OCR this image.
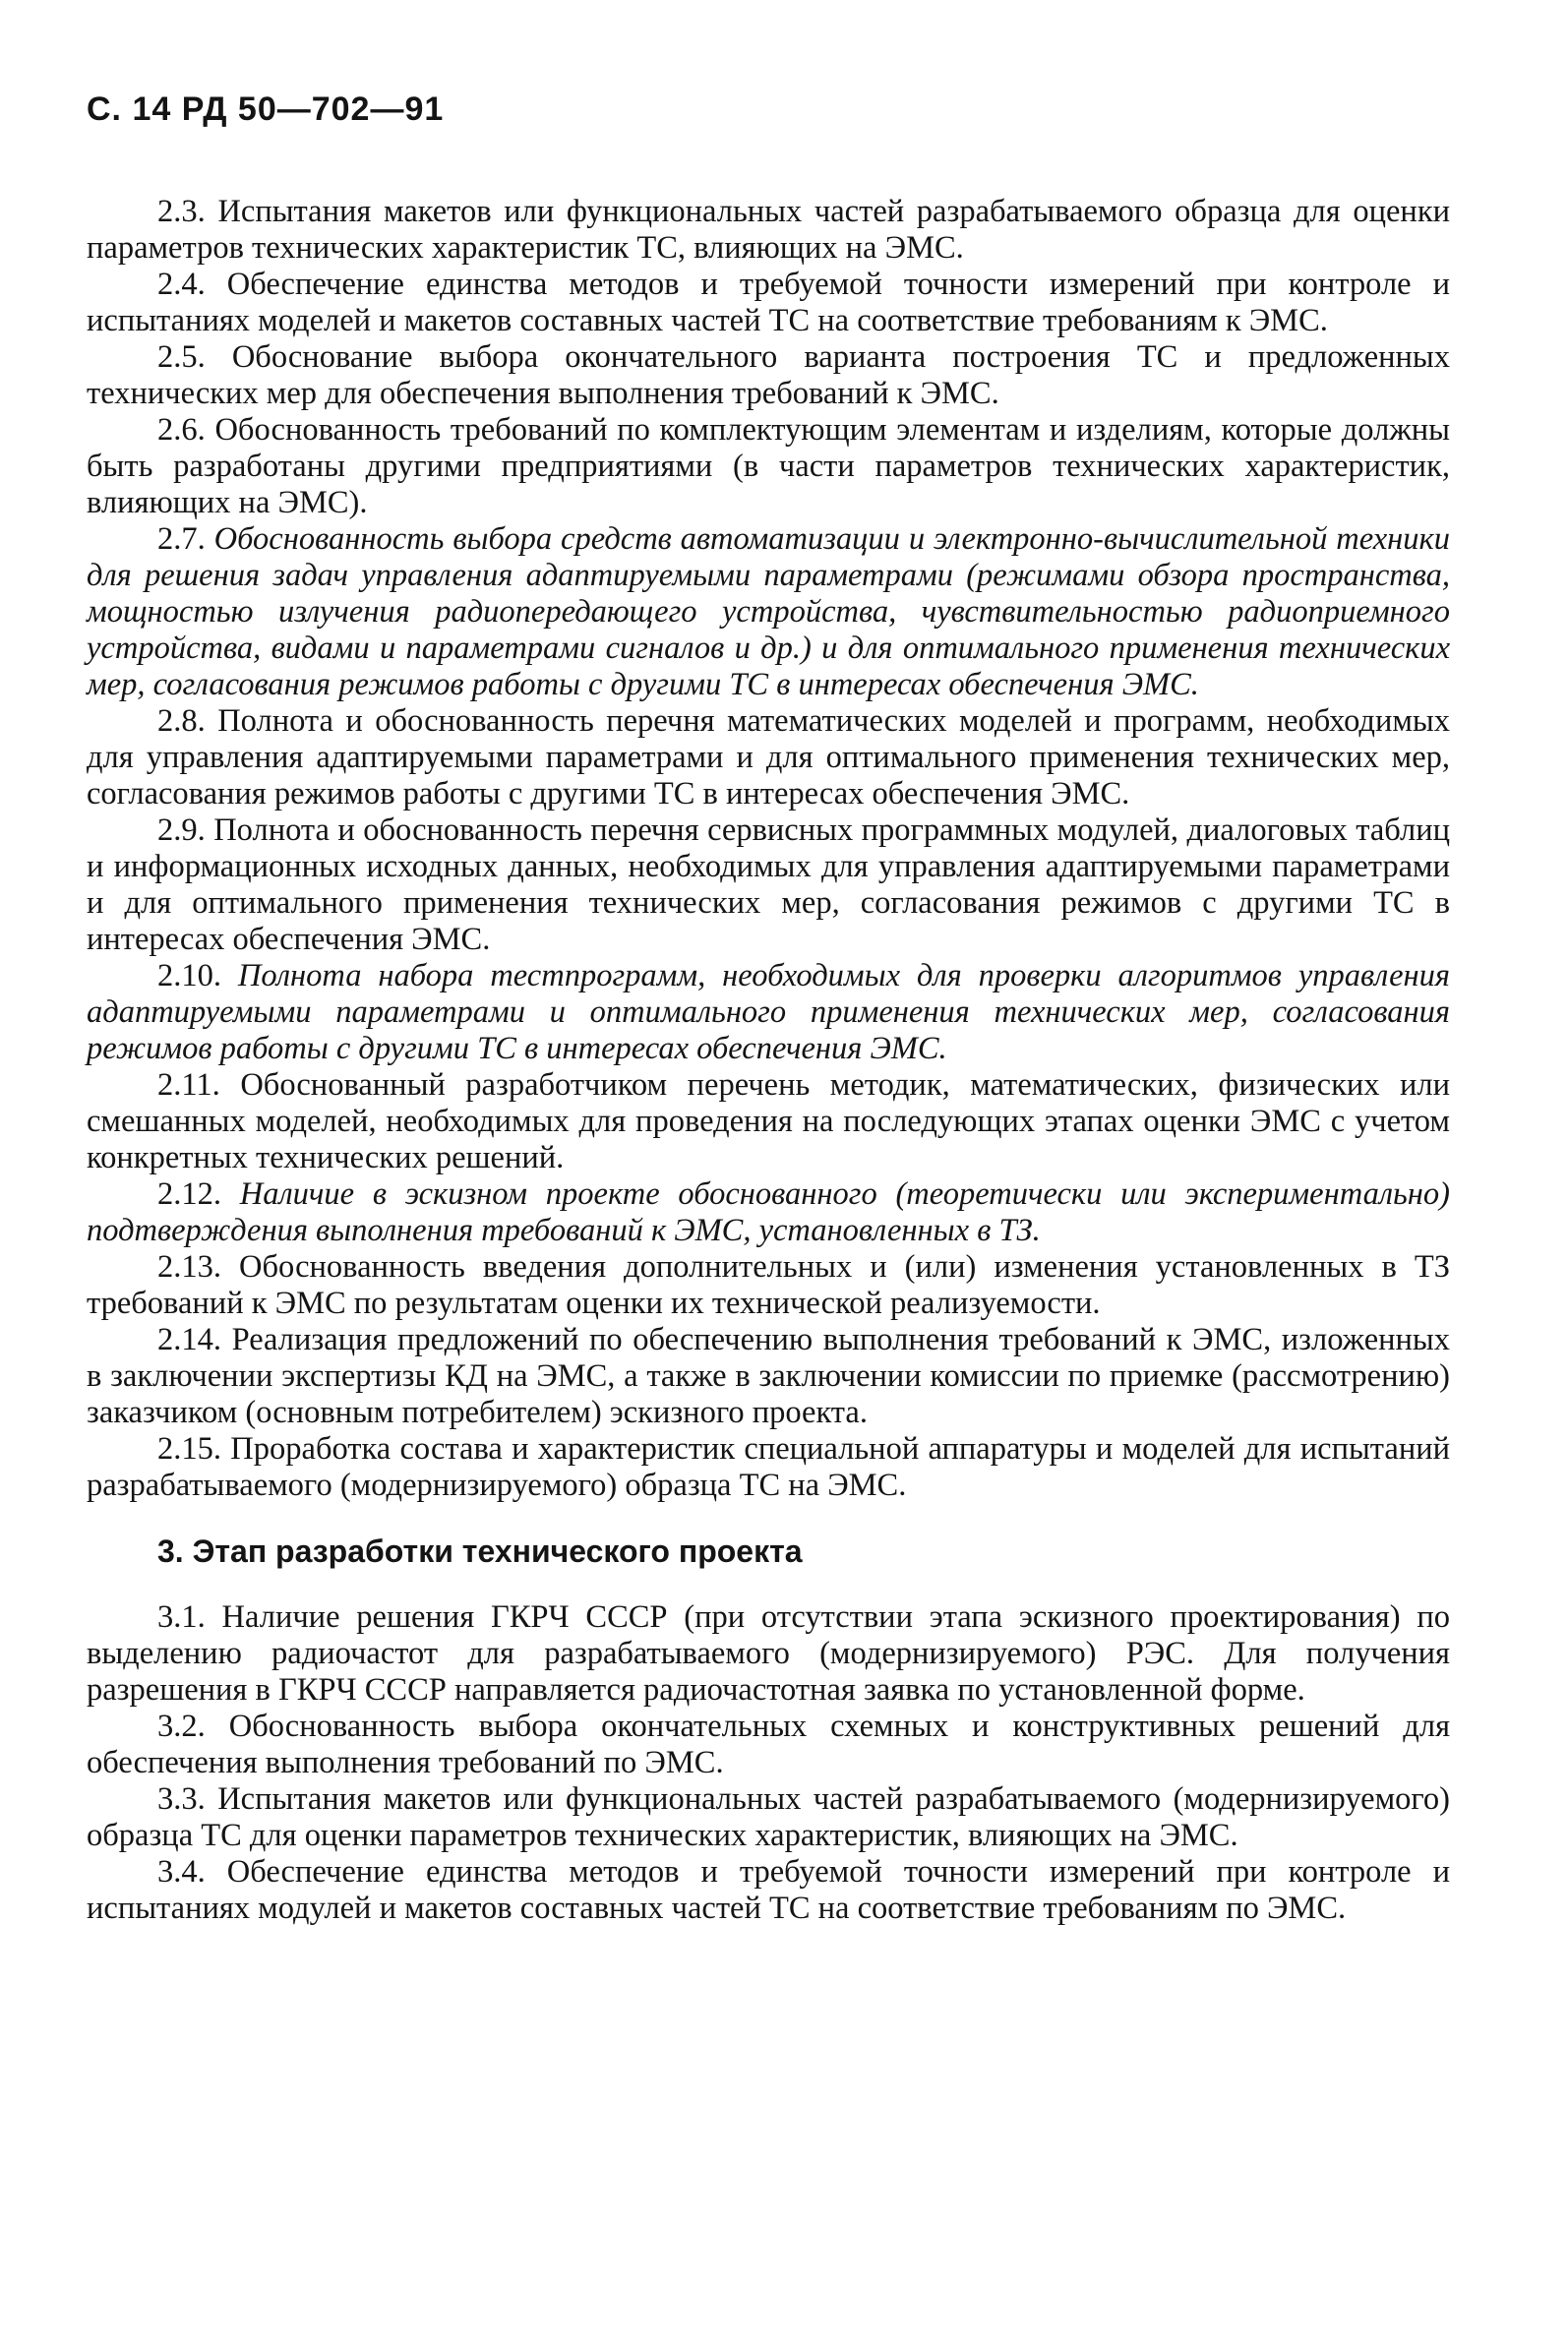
С. 14 РД 50—702—91

2.3. Испытания макетов или функциональных частей разрабатываемого образца для оценки параметров технических характеристик ТС, влияющих на ЭМС.

2.4. Обеспечение единства методов и требуемой точности измерений при контроле и испытаниях моделей и макетов составных частей ТС на соответствие требованиям к ЭМС.

2.5. Обоснование выбора окончательного варианта построения ТС и предложенных технических мер для обеспечения выполнения требований к ЭМС.

2.6. Обоснованность требований по комплектующим элементам и изделиям, которые должны быть разработаны другими предприятиями (в части параметров технических характеристик, влияющих на ЭМС).

2.7. Обоснованность выбора средств автоматизации и электронно-вычислительной техники для решения задач управления адаптируемыми параметрами (режимами обзора пространства, мощностью излучения радиопередающего устройства, чувствительностью радиоприемного устройства, видами и параметрами сигналов и др.) и для оптимального применения технических мер, согласования режимов работы с другими ТС в интересах обеспечения ЭМС.

2.8. Полнота и обоснованность перечня математических моделей и программ, необходимых для управления адаптируемыми параметрами и для оптимального применения технических мер, согласования режимов работы с другими ТС в интересах обеспечения ЭМС.

2.9. Полнота и обоснованность перечня сервисных программных модулей, диалоговых таблиц и информационных исходных данных, необходимых для управления адаптируемыми параметрами и для оптимального применения технических мер, согласования режимов с другими ТС в интересах обеспечения ЭМС.

2.10. Полнота набора тестпрограмм, необходимых для проверки алгоритмов управления адаптируемыми параметрами и оптимального применения технических мер, согласования режимов работы с другими ТС в интересах обеспечения ЭМС.

2.11. Обоснованный разработчиком перечень методик, математических, физических или смешанных моделей, необходимых для проведения на последующих этапах оценки ЭМС с учетом конкретных технических решений.

2.12. Наличие в эскизном проекте обоснованного (теоретически или экспериментально) подтверждения выполнения требований к ЭМС, установленных в ТЗ.

2.13. Обоснованность введения дополнительных и (или) изменения установленных в ТЗ требований к ЭМС по результатам оценки их технической реализуемости.

2.14. Реализация предложений по обеспечению выполнения требований к ЭМС, изложенных в заключении экспертизы КД на ЭМС, а также в заключении комиссии по приемке (рассмотрению) заказчиком (основным потребителем) эскизного проекта.

2.15. Проработка состава и характеристик специальной аппаратуры и моделей для испытаний разрабатываемого (модернизируемого) образца ТС на ЭМС.

3. Этап разработки технического проекта

3.1. Наличие решения ГКРЧ СССР (при отсутствии этапа эскизного проектирования) по выделению радиочастот для разрабатываемого (модернизируемого) РЭС. Для получения разрешения в ГКРЧ СССР направляется радиочастотная заявка по установленной форме.

3.2. Обоснованность выбора окончательных схемных и конструктивных решений для обеспечения выполнения требований по ЭМС.

3.3. Испытания макетов или функциональных частей разрабатываемого (модернизируемого) образца ТС для оценки параметров технических характеристик, влияющих на ЭМС.

3.4. Обеспечение единства методов и требуемой точности измерений при контроле и испытаниях модулей и макетов составных частей ТС на соответствие требованиям по ЭМС.
